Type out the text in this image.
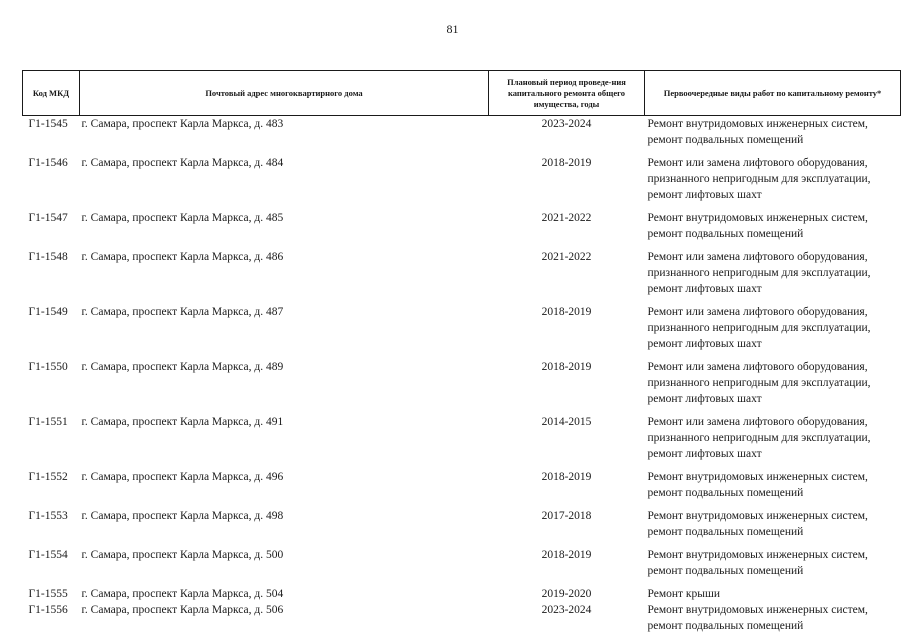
81
Код МКД	Почтовый адрес многоквартирного дома	Плановый период проведе-ния капитального ремонта общего имущества, годы	Первоочередные виды работ по капитальному ремонту*
Г1-1545	г. Самара, проспект Карла Маркса, д. 483	2023-2024	Ремонт внутридомовых инженерных систем,
ремонт подвальных помещений

Г1-1546	г. Самара, проспект Карла Маркса, д. 484	2018-2019	Ремонт или замена лифтового оборудования,
признанного непригодным для эксплуатации,
ремонт лифтовых шахт

Г1-1547	г. Самара, проспект Карла Маркса, д. 485	2021-2022	Ремонт внутридомовых инженерных систем,
ремонт подвальных помещений

Г1-1548	г. Самара, проспект Карла Маркса, д. 486	2021-2022	Ремонт или замена лифтового оборудования,
признанного непригодным для эксплуатации,
ремонт лифтовых шахт

Г1-1549	г. Самара, проспект Карла Маркса, д. 487	2018-2019	Ремонт или замена лифтового оборудования,
признанного непригодным для эксплуатации,
ремонт лифтовых шахт

Г1-1550	г. Самара, проспект Карла Маркса, д. 489	2018-2019	Ремонт или замена лифтового оборудования,
признанного непригодным для эксплуатации,
ремонт лифтовых шахт

Г1-1551	г. Самара, проспект Карла Маркса, д. 491	2014-2015	Ремонт или замена лифтового оборудования,
признанного непригодным для эксплуатации,
ремонт лифтовых шахт

Г1-1552	г. Самара, проспект Карла Маркса, д. 496	2018-2019	Ремонт внутридомовых инженерных систем,
ремонт подвальных помещений

Г1-1553	г. Самара, проспект Карла Маркса, д. 498	2017-2018	Ремонт внутридомовых инженерных систем,
ремонт подвальных помещений

Г1-1554	г. Самара, проспект Карла Маркса, д. 500	2018-2019	Ремонт внутридомовых инженерных систем,
ремонт подвальных помещений

Г1-1555	г. Самара, проспект Карла Маркса, д. 504	2019-2020	Ремонт крыши

Г1-1556	г. Самара, проспект Карла Маркса, д. 506	2023-2024	Ремонт внутридомовых инженерных систем,
ремонт подвальных помещений
